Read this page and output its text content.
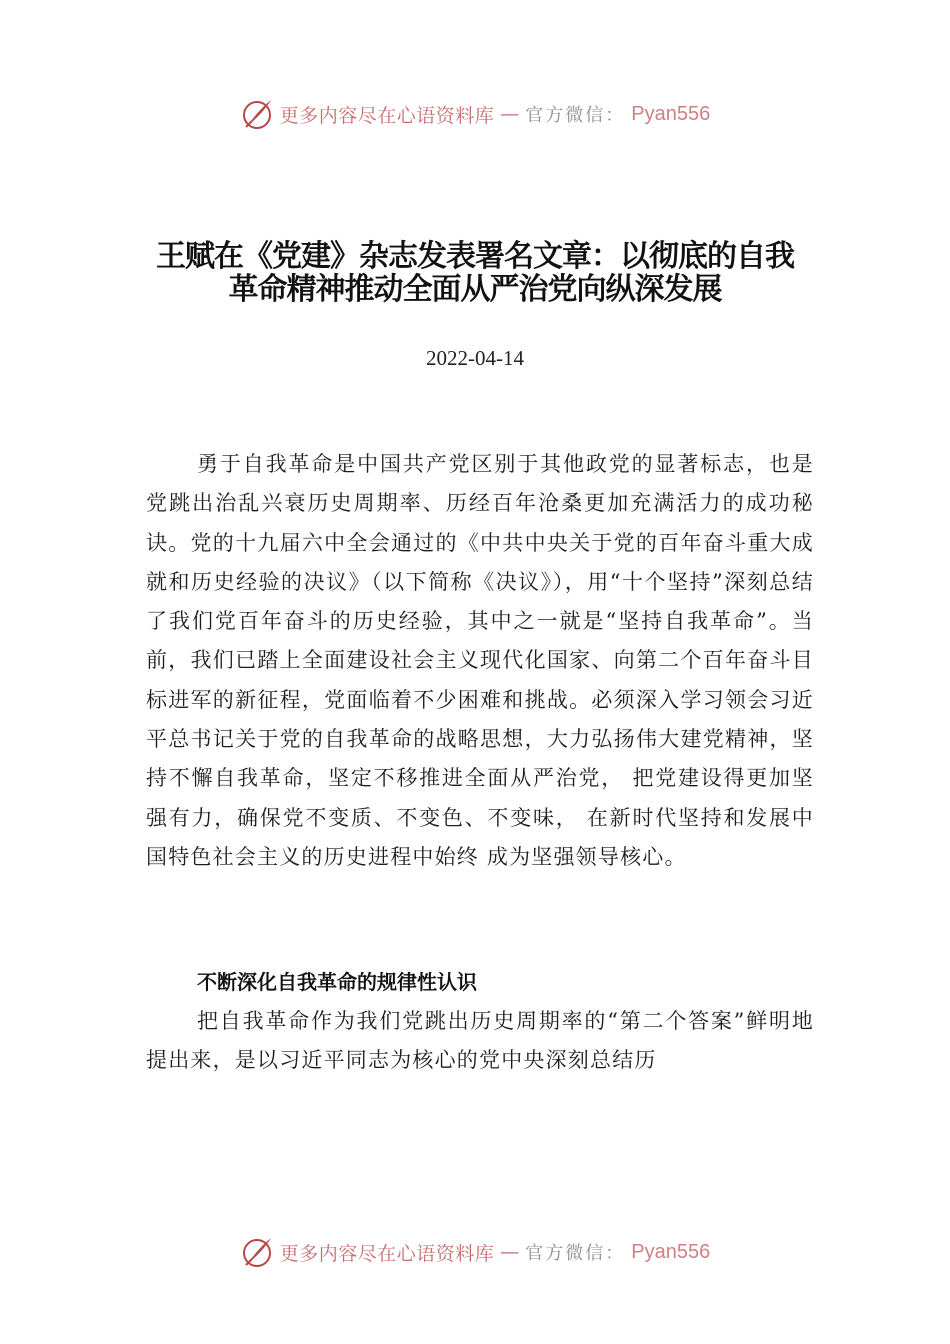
更多内容尽在心语资料库 — 官方微信： Pyan556
王赋在《党建》杂志发表署名文章：以彻底的自我革命精神推动全面从严治党向纵深发展
2022-04-14

勇于自我革命是中国共产党区别于其他政党的显著标志，也是党跳出治乱兴衰历史周期率、历经百年沧桑更加充满活力的成功秘诀。党的十九届六中全会通过的《中共中央关于党的百年奋斗重大成就和历史经验的决议》（以下简称《决议》），用“十个坚持”深刻总结了我们党百年奋斗的历史经验，其中之一就是“坚持自我革命”。当前，我们已踏上全面建设社会主义现代化国家、向第二个百年奋斗目标进军的新征程，党面临着不少困难和挑战。必须深入学习领会习近平总书记关于党的自我革命的战略思想，大力弘扬伟大建党精神，坚持不懈自我革命，坚定不移推进全面从严治党， 把党建设得更加坚强有力，确保党不变质、不变色、不变味， 在新时代坚持和发展中国特色社会主义的历史进程中始终 成为坚强领导核心。

不断深化自我革命的规律性认识

把自我革命作为我们党跳出历史周期率的“第二个答案”鲜明地提出来，是以习近平同志为核心的党中央深刻总结历

更多内容尽在心语资料库 — 官方微信： Pyan556
